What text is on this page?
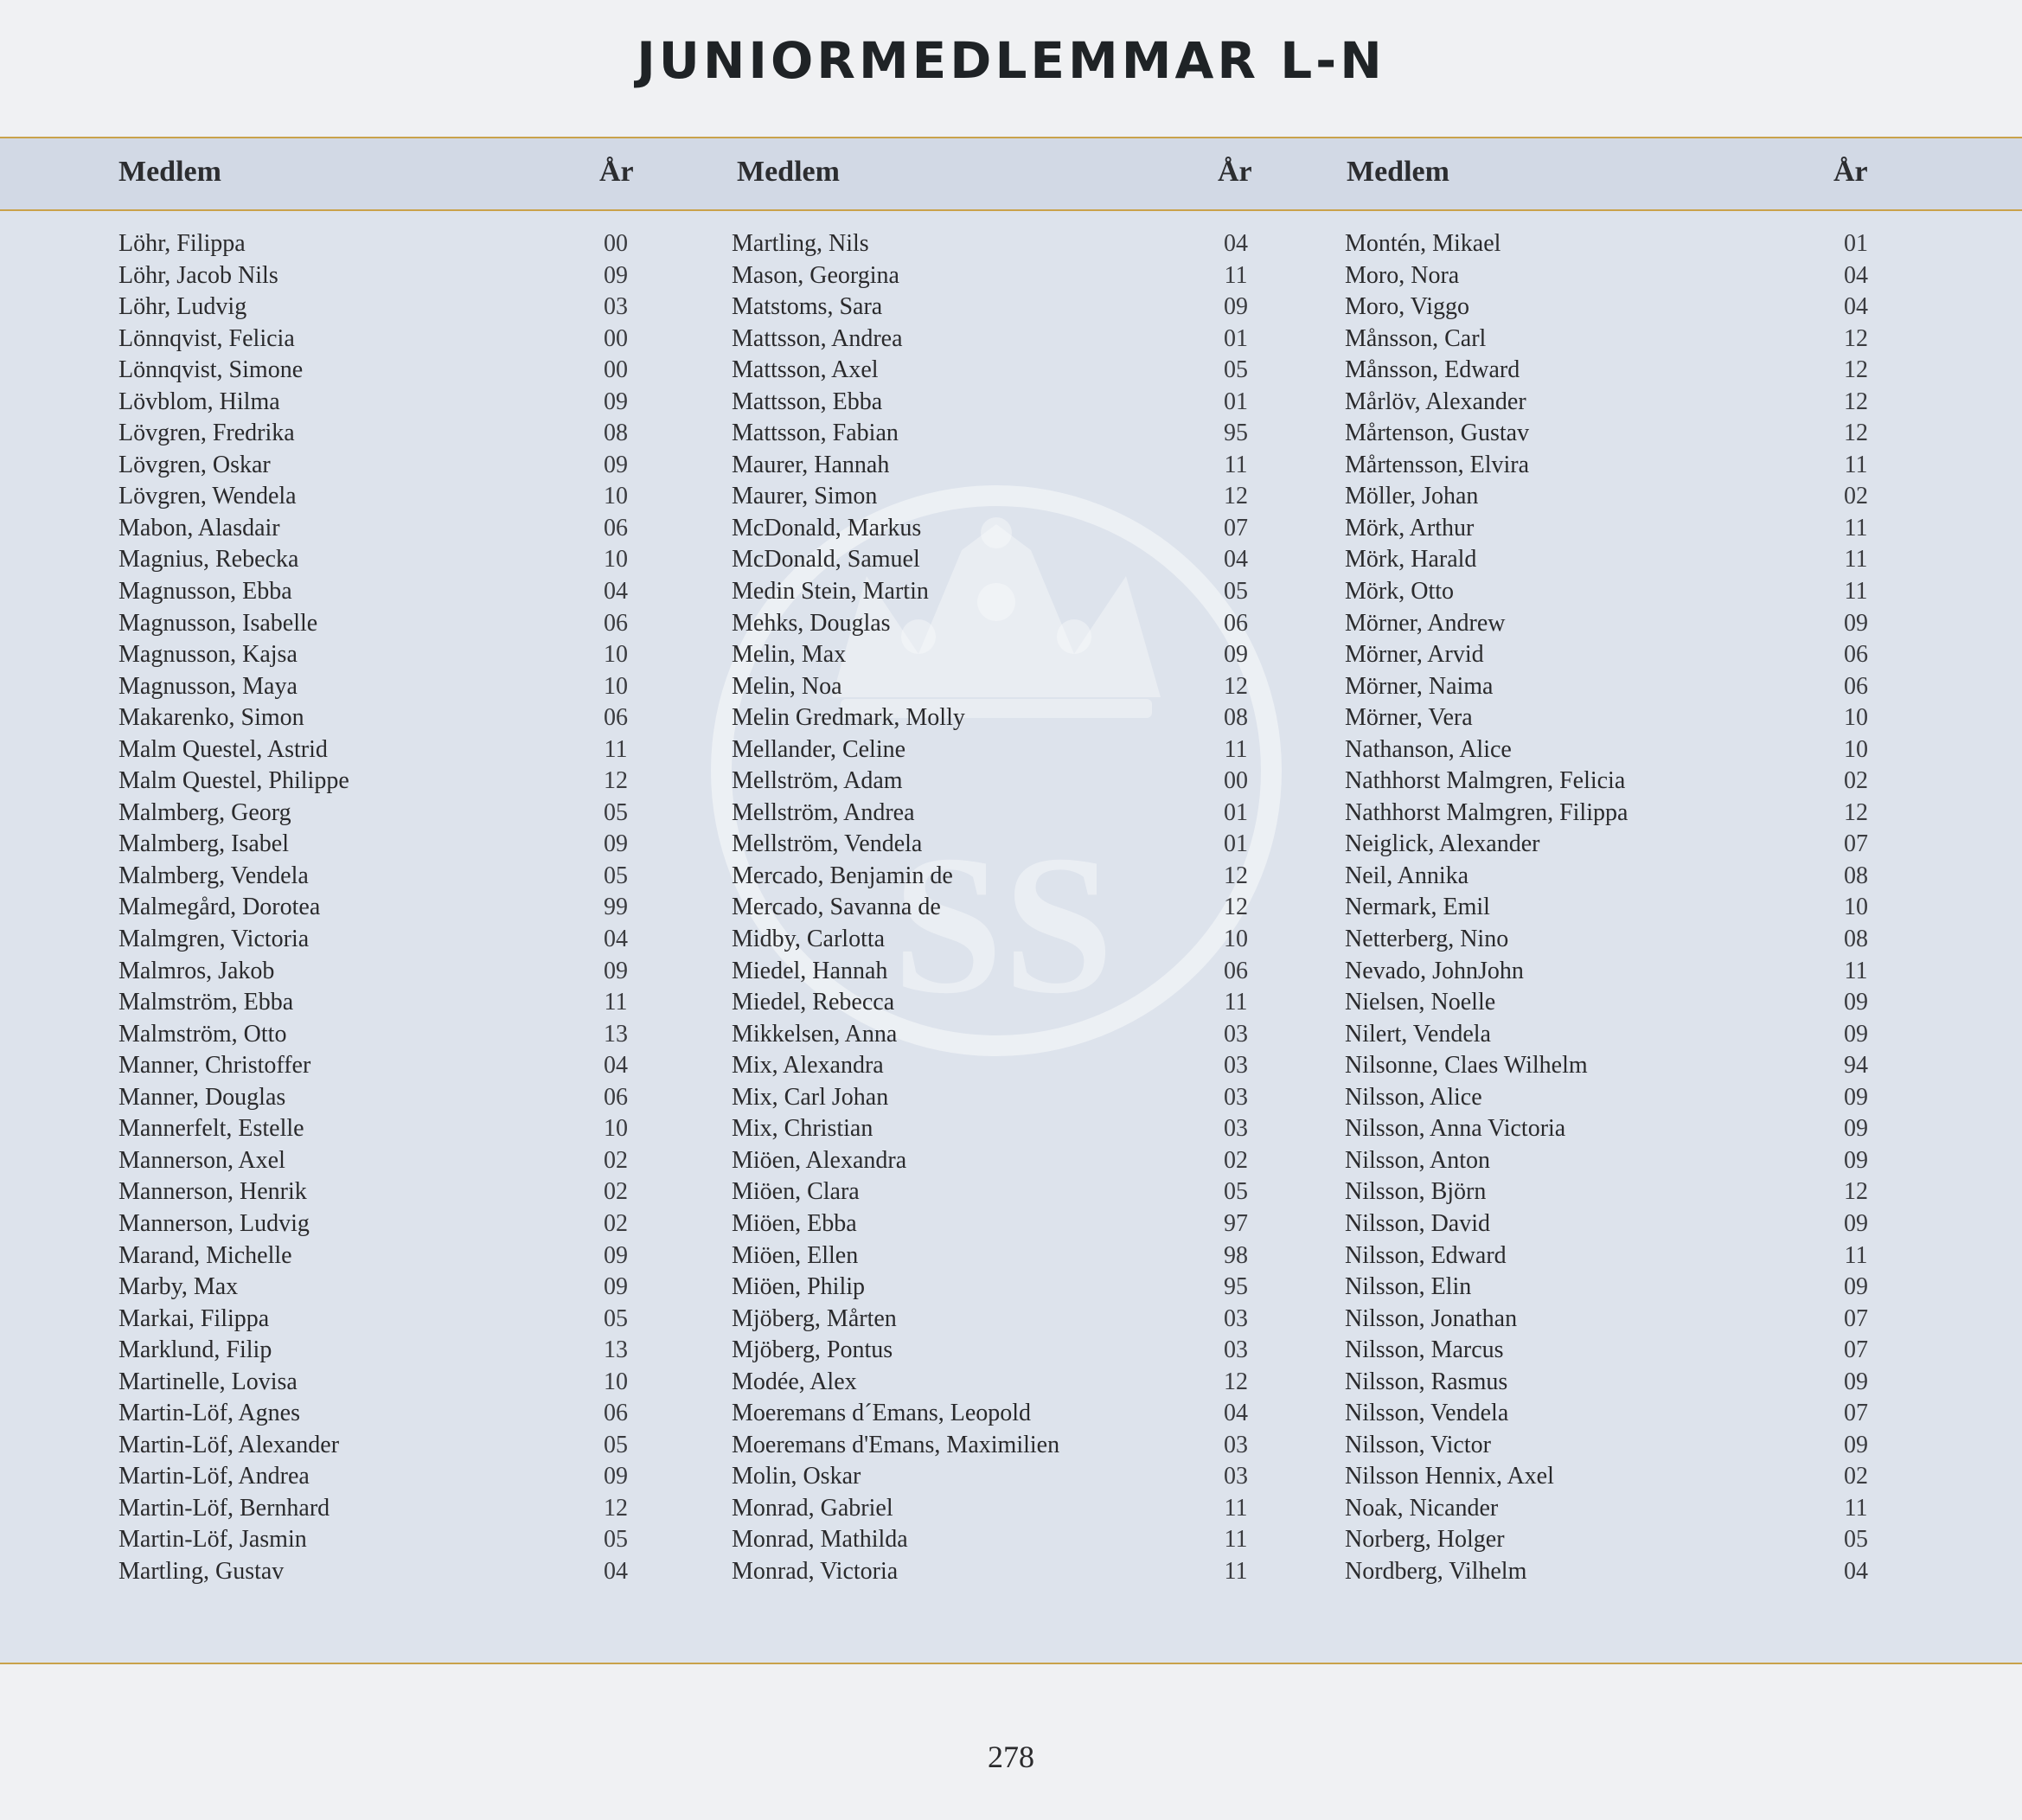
JUNIORMEDLEMMAR L-N
Medlem	År	Medlem	År	Medlem	År
SS
Löhr, Filippa	00
Löhr, Jacob Nils	09
Löhr, Ludvig	03
Lönnqvist, Felicia	00
Lönnqvist, Simone	00
Lövblom, Hilma	09
Lövgren, Fredrika	08
Lövgren, Oskar	09
Lövgren, Wendela	10
Mabon, Alasdair	06
Magnius, Rebecka	10
Magnusson, Ebba	04
Magnusson, Isabelle	06
Magnusson, Kajsa	10
Magnusson, Maya	10
Makarenko, Simon	06
Malm Questel, Astrid	11
Malm Questel, Philippe	12
Malmberg, Georg	05
Malmberg, Isabel	09
Malmberg, Vendela	05
Malmegård, Dorotea	99
Malmgren, Victoria	04
Malmros, Jakob	09
Malmström, Ebba	11
Malmström, Otto	13
Manner, Christoffer	04
Manner, Douglas	06
Mannerfelt, Estelle	10
Mannerson, Axel	02
Mannerson, Henrik	02
Mannerson, Ludvig	02
Marand, Michelle	09
Marby, Max	09
Markai, Filippa	05
Marklund, Filip	13
Martinelle, Lovisa	10
Martin-Löf, Agnes	06
Martin-Löf, Alexander	05
Martin-Löf, Andrea	09
Martin-Löf, Bernhard	12
Martin-Löf, Jasmin	05
Martling, Gustav	04
Martling, Nils	04
Mason, Georgina	11
Matstoms, Sara	09
Mattsson, Andrea	01
Mattsson, Axel	05
Mattsson, Ebba	01
Mattsson, Fabian	95
Maurer, Hannah	11
Maurer, Simon	12
McDonald, Markus	07
McDonald, Samuel	04
Medin Stein, Martin	05
Mehks, Douglas	06
Melin, Max	09
Melin, Noa	12
Melin Gredmark, Molly	08
Mellander, Celine	11
Mellström, Adam	00
Mellström, Andrea	01
Mellström, Vendela	01
Mercado, Benjamin de	12
Mercado, Savanna de	12
Midby, Carlotta	10
Miedel, Hannah	06
Miedel, Rebecca	11
Mikkelsen, Anna	03
Mix, Alexandra	03
Mix, Carl Johan	03
Mix, Christian	03
Miöen, Alexandra	02
Miöen, Clara	05
Miöen, Ebba	97
Miöen, Ellen	98
Miöen, Philip	95
Mjöberg, Mårten	03
Mjöberg, Pontus	03
Modée, Alex	12
Moeremans d´Emans, Leopold	04
Moeremans d'Emans, Maximilien	03
Molin, Oskar	03
Monrad, Gabriel	11
Monrad, Mathilda	11
Monrad, Victoria	11
Montén, Mikael	01
Moro, Nora	04
Moro, Viggo	04
Månsson, Carl	12
Månsson, Edward	12
Mårlöv, Alexander	12
Mårtenson, Gustav	12
Mårtensson, Elvira	11
Möller, Johan	02
Mörk, Arthur	11
Mörk, Harald	11
Mörk, Otto	11
Mörner, Andrew	09
Mörner, Arvid	06
Mörner, Naima	06
Mörner, Vera	10
Nathanson, Alice	10
Nathhorst Malmgren, Felicia	02
Nathhorst Malmgren, Filippa	12
Neiglick, Alexander	07
Neil, Annika	08
Nermark, Emil	10
Netterberg, Nino	08
Nevado, JohnJohn	11
Nielsen, Noelle	09
Nilert, Vendela	09
Nilsonne, Claes Wilhelm	94
Nilsson, Alice	09
Nilsson, Anna Victoria	09
Nilsson, Anton	09
Nilsson, Björn	12
Nilsson, David	09
Nilsson, Edward	11
Nilsson, Elin	09
Nilsson, Jonathan	07
Nilsson, Marcus	07
Nilsson, Rasmus	09
Nilsson, Vendela	07
Nilsson, Victor	09
Nilsson Hennix, Axel	02
Noak, Nicander	11
Norberg, Holger	05
Nordberg, Vilhelm	04
278
